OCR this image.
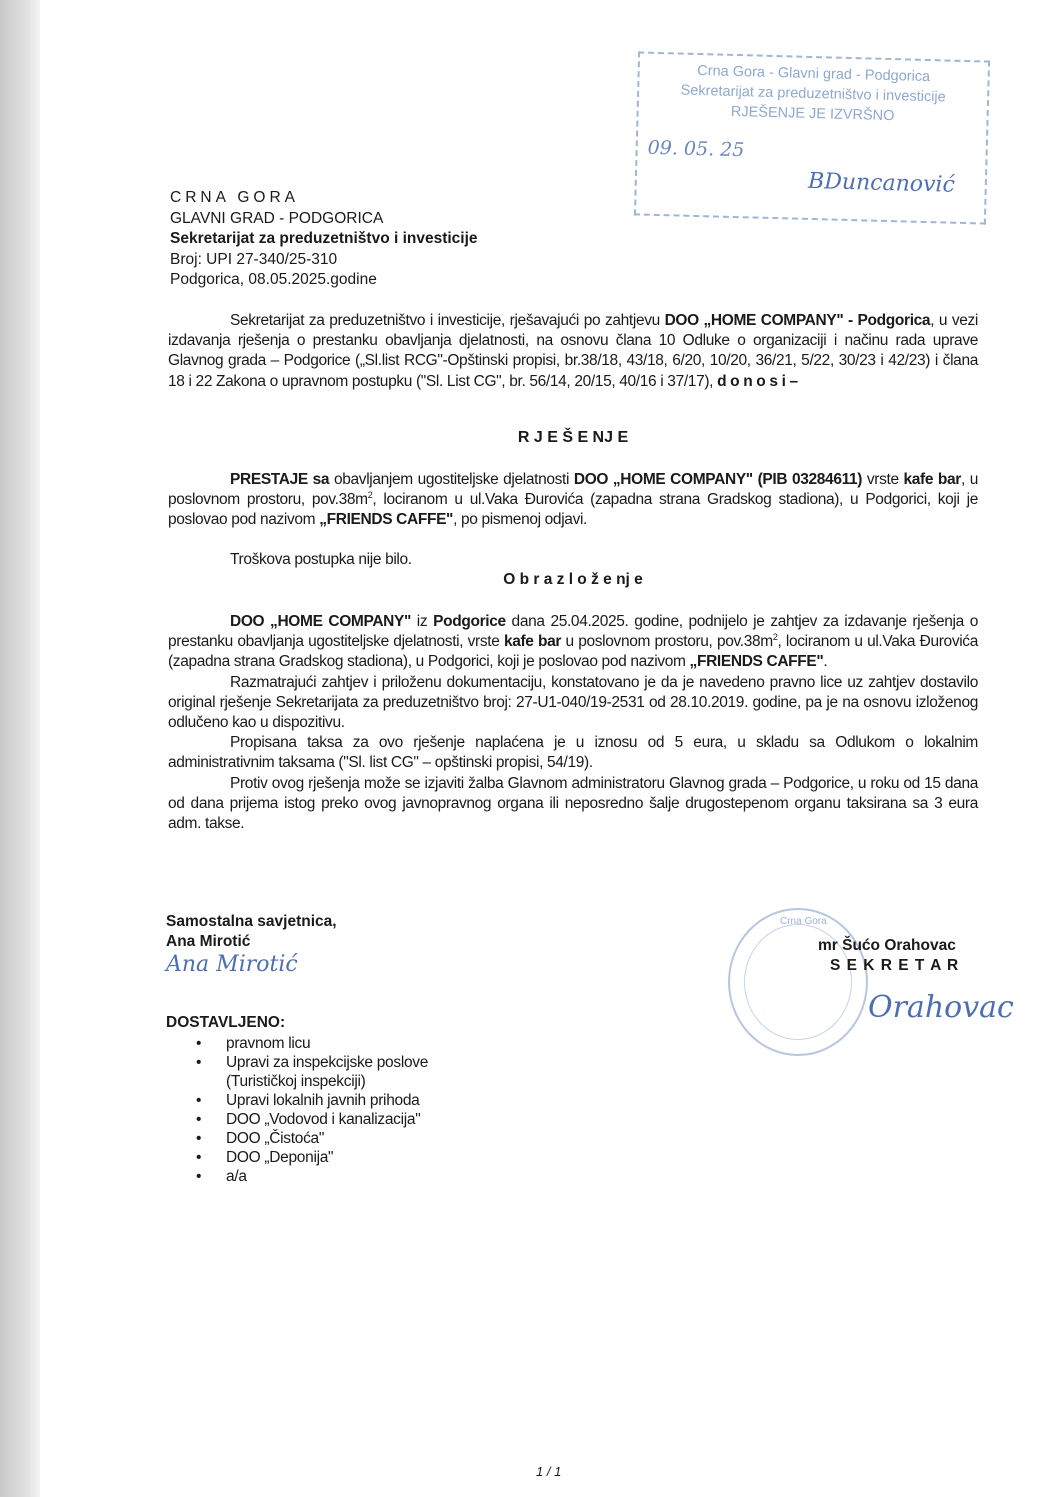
Crna Gora - Glavni grad - Podgorica
Sekretarijat za preduzetništvo i investicije
RJEŠENJE JE IZVRŠNO
09. 05. 25
BDuncanović
CRNA GORA
GLAVNI GRAD - PODGORICA
Sekretarijat za preduzetništvo i investicije
Broj: UPI 27-340/25-310
Podgorica, 08.05.2025.godine
Sekretarijat za preduzetništvo i investicije, rješavajući po zahtjevu DOO „HOME COMPANY" - Podgorica, u vezi izdavanja rješenja o prestanku obavljanja djelatnosti, na osnovu člana 10 Odluke o organizaciji i načinu rada uprave Glavnog grada – Podgorice („Sl.list RCG"-Opštinski propisi, br.38/18, 43/18, 6/20, 10/20, 36/21, 5/22, 30/23 i 42/23) i člana 18 i 22 Zakona o upravnom postupku ("Sl. List CG", br. 56/14, 20/15, 40/16 i 37/17), d o n o s i –
R J E Š E NJ E
PRESTAJE sa obavljanjem ugostiteljske djelatnosti DOO „HOME COMPANY" (PIB 03284611) vrste kafe bar, u poslovnom prostoru, $pov.38m^2$, lociranom u ul.Vaka Đurovića (zapadna strana Gradskog stadiona), u Podgorici, koji je poslovao pod nazivom „FRIENDS CAFFE", po pismenoj odjavi.
Troškova postupka nije bilo.
O b r a z l o ž e nj e
DOO „HOME COMPANY" iz Podgorice dana 25.04.2025. godine, podnijelo je zahtjev za izdavanje rješenja o prestanku obavljanja ugostiteljske djelatnosti, vrste kafe bar u poslovnom prostoru, $pov.38m^2$, lociranom u ul.Vaka Đurovića (zapadna strana Gradskog stadiona), u Podgorici, koji je poslovao pod nazivom „FRIENDS CAFFE".
Razmatrajući zahtjev i priloženu dokumentaciju, konstatovano je da je navedeno pravno lice uz zahtjev dostavilo original rješenje Sekretarijata za preduzetništvo broj: 27-U1-040/19-2531 od 28.10.2019. godine, pa je na osnovu izloženog odlučeno kao u dispozitivu.
Propisana taksa za ovo rješenje naplaćena je u iznosu od 5 eura, u skladu sa Odlukom o lokalnim administrativnim taksama ("Sl. list CG" – opštinski propisi, 54/19).
Protiv ovog rješenja može se izjaviti žalba Glavnom administratoru Glavnog grada – Podgorice, u roku od 15 dana od dana prijema istog preko ovog javnopravnog organa ili neposredno šalje drugostepenom organu taksirana sa 3 eura adm. takse.
Samostalna savjetnica,
Ana Mirotić
Ana Mirotić
Crna Gora
mr Šućo Orahovac
S E K R E T A R
Orahovac
DOSTAVLJENO:
• pravnom licu
• Upravi za inspekcijske poslove (Turističkoj inspekciji)
• Upravi lokalnih javnih prihoda
• DOO „Vodovod i kanalizacija"
• DOO „Čistoća"
• DOO „Deponija"
• a/a
1 / 1
